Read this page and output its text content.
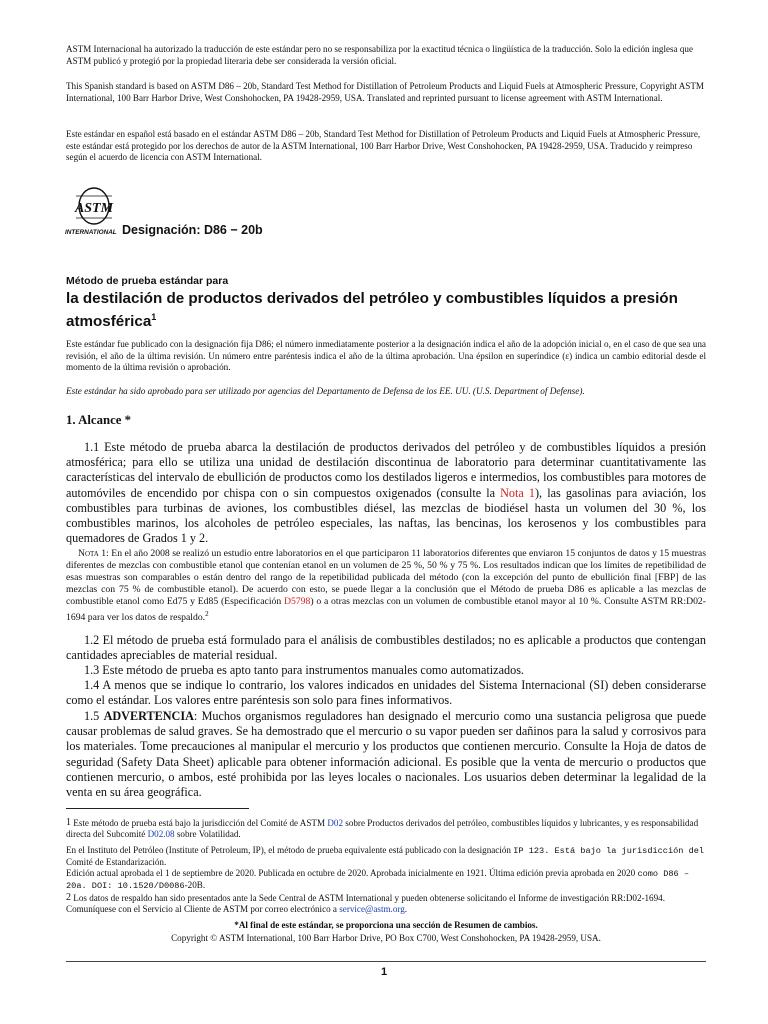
ASTM Internacional ha autorizado la traducción de este estándar pero no se responsabiliza por la exactitud técnica o lingüística de la traducción. Solo la edición inglesa que ASTM publicó y protegió por la propiedad literaria debe ser considerada la versión oficial.

This Spanish standard is based on ASTM D86 – 20b, Standard Test Method for Distillation of Petroleum Products and Liquid Fuels at Atmospheric Pressure, Copyright ASTM International, 100 Barr Harbor Drive, West Conshohocken, PA 19428-2959, USA. Translated and reprinted pursuant to license agreement with ASTM International.

Este estándar en español está basado en el estándar ASTM D86 – 20b, Standard Test Method for Distillation of Petroleum Products and Liquid Fuels at Atmospheric Pressure, este estándar está protegido por los derechos de autor de la ASTM International, 100 Barr Harbor Drive, West Conshohocken, PA 19428-2959, USA. Traducido y reimpreso según el acuerdo de licencia con ASTM International.

ASTM
INTERNATIONAL Designación: D86 − 20b
Método de prueba estándar para

la destilación de productos derivados del petróleo y combustibles líquidos a presión atmosférica$^1$

Este estándar fue publicado con la designación fija D86; el número inmediatamente posterior a la designación indica el año de la adopción inicial o, en el caso de que sea una revisión, el año de la última revisión. Un número entre paréntesis indica el año de la última aprobación. Una épsilon en superíndice (ε) indica un cambio editorial desde el momento de la última revisión o aprobación.

Este estándar ha sido aprobado para ser utilizado por agencias del Departamento de Defensa de los EE. UU. (U.S. Department of Defense).

1. Alcance *

1.1 Este método de prueba abarca la destilación de productos derivados del petróleo y de combustibles líquidos a presión atmosférica; para ello se utiliza una unidad de destilación discontinua de laboratorio para determinar cuantitativamente las características del intervalo de ebullición de productos como los destilados ligeros e intermedios, los combustibles para motores de automóviles de encendido por chispa con o sin compuestos oxigenados (consulte la Nota 1), las gasolinas para aviación, los combustibles para turbinas de aviones, los combustibles diésel, las mezclas de biodiésel hasta un volumen del 30 %, los combustibles marinos, los alcoholes de petróleo especiales, las naftas, las bencinas, los kerosenos y los combustibles para quemadores de Grados 1 y 2.

Nota 1: En el año 2008 se realizó un estudio entre laboratorios en el que participaron 11 laboratorios diferentes que enviaron 15 conjuntos de datos y 15 muestras diferentes de mezclas con combustible etanol que contenían etanol en un volumen de 25 %, 50 % y 75 %. Los resultados indican que los límites de repetibilidad de esas muestras son comparables o están dentro del rango de la repetibilidad publicada del método (con la excepción del punto de ebullición final [FBP] de las mezclas con 75 % de combustible etanol). De acuerdo con esto, se puede llegar a la conclusión que el Método de prueba D86 es aplicable a las mezclas de combustible etanol como Ed75 y Ed85 (Especificación D5798) o a otras mezclas con un volumen de combustible etanol mayor al 10 %. Consulte ASTM RR:D02-1694 para ver los datos de respaldo.$^2$

1.2 El método de prueba está formulado para el análisis de combustibles destilados; no es aplicable a productos que contengan cantidades apreciables de material residual.

1.3 Este método de prueba es apto tanto para instrumentos manuales como automatizados.

1.4 A menos que se indique lo contrario, los valores indicados en unidades del Sistema Internacional (SI) deben considerarse como el estándar. Los valores entre paréntesis son solo para fines informativos.

1.5 ADVERTENCIA: Muchos organismos reguladores han designado el mercurio como una sustancia peligrosa que puede causar problemas de salud graves. Se ha demostrado que el mercurio o su vapor pueden ser dañinos para la salud y corrosivos para los materiales. Tome precauciones al manipular el mercurio y los productos que contienen mercurio. Consulte la Hoja de datos de seguridad (Safety Data Sheet) aplicable para obtener información adicional. Es posible que la venta de mercurio o productos que contienen mercurio, o ambos, esté prohibida por las leyes locales o nacionales. Los usuarios deben determinar la legalidad de la venta en su área geográfica.

$^1$ Este método de prueba está bajo la jurisdicción del Comité de ASTM D02 sobre Productos derivados del petróleo, combustibles líquidos y lubricantes, y es responsabilidad directa del Subcomité D02.08 sobre Volatilidad.

En el Instituto del Petróleo (Institute of Petroleum, IP), el método de prueba equivalente está publicado con la designación IP 123. Está bajo la jurisdicción del
Comité de Estandarización.

Edición actual aprobada el 1 de septiembre de 2020. Publicada en octubre de 2020. Aprobada inicialmente en 1921. Última edición previa aprobada en 2020 como D86 – 20a. DOI: 10.1520/D0086-20B.

$^2$ Los datos de respaldo han sido presentados ante la Sede Central de ASTM International y pueden obtenerse solicitando el Informe de investigación RR:D02-1694. Comuníquese con el Servicio al Cliente de ASTM por correo electrónico a service@astm.org.

*Al final de este estándar, se proporciona una sección de Resumen de cambios.

Copyright © ASTM International, 100 Barr Harbor Drive, PO Box C700, West Conshohocken, PA 19428-2959, USA.

1
